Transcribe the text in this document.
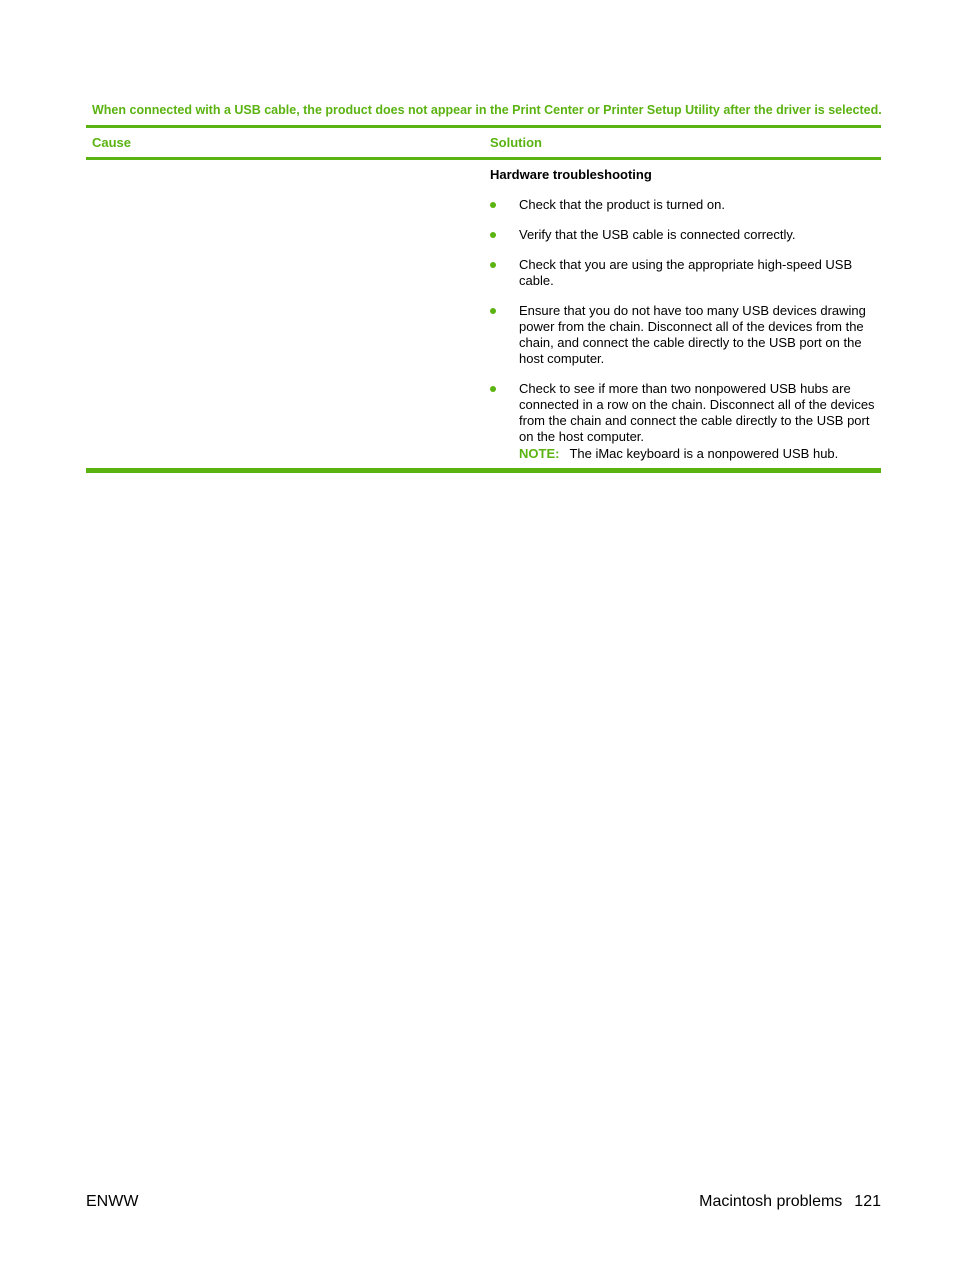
When connected with a USB cable, the product does not appear in the Print Center or Printer Setup Utility after the driver is selected.
Cause	Solution
Hardware troubleshooting
Check that the product is turned on.
Verify that the USB cable is connected correctly.
Check that you are using the appropriate high-speed USB cable.
Ensure that you do not have too many USB devices drawing power from the chain. Disconnect all of the devices from the chain, and connect the cable directly to the USB port on the host computer.
Check to see if more than two nonpowered USB hubs are connected in a row on the chain. Disconnect all of the devices from the chain and connect the cable directly to the USB port on the host computer.
NOTE: The iMac keyboard is a nonpowered USB hub.
ENWW	Macintosh problems 121
